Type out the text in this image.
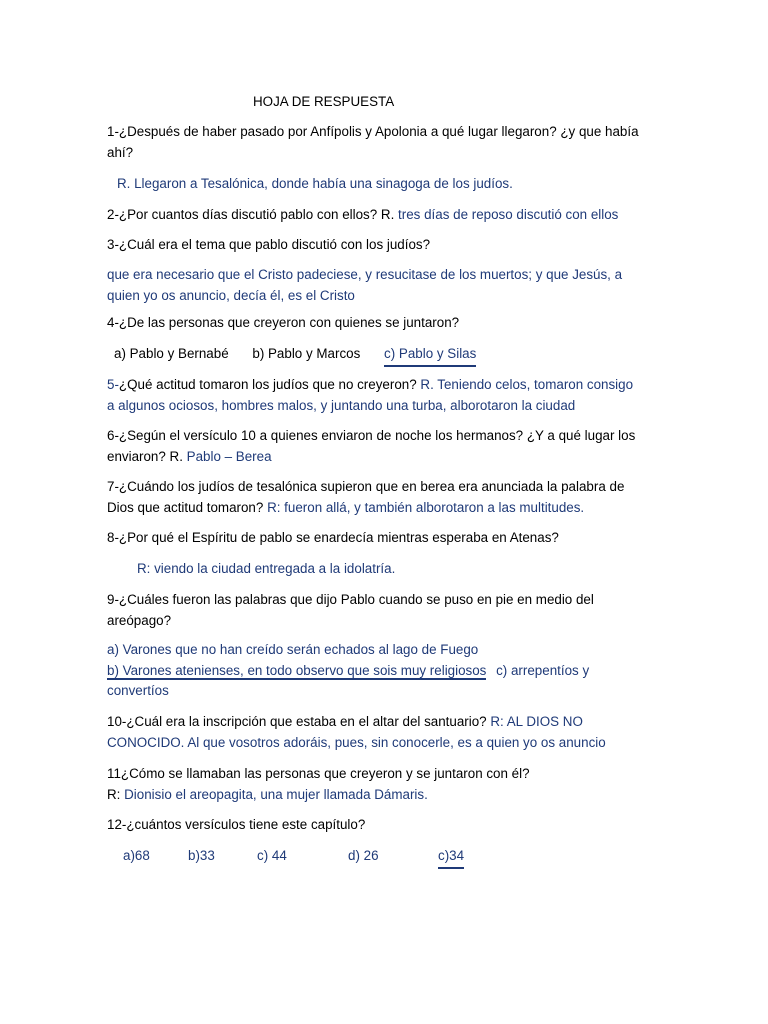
HOJA DE RESPUESTA
1-¿Después de haber pasado por Anfípolis y Apolonia a qué lugar llegaron? ¿y que había
ahí?
R. Llegaron a Tesalónica, donde había una sinagoga de los judíos.
2-¿Por cuantos días discutió pablo con ellos? R. tres días de reposo discutió con ellos
3-¿Cuál era el tema que pablo discutió con los judíos?
que era necesario que el Cristo padeciese, y resucitase de los muertos; y que Jesús, a
quien yo os anuncio, decía él, es el Cristo
4-¿De las personas que creyeron con quienes se juntaron?
a) Pablo y Bernabé b) Pablo y Marcos c) Pablo y Silas
5-¿Qué actitud tomaron los judíos que no creyeron? R. Teniendo celos, tomaron consigo
a algunos ociosos, hombres malos, y juntando una turba, alborotaron la ciudad
6-¿Según el versículo 10 a quienes enviaron de noche los hermanos? ¿Y a qué lugar los
enviaron? R. Pablo – Berea
7-¿Cuándo los judíos de tesalónica supieron que en berea era anunciada la palabra de
Dios que actitud tomaron? R: fueron allá, y también alborotaron a las multitudes.
8-¿Por qué el Espíritu de pablo se enardecía mientras esperaba en Atenas?
R: viendo la ciudad entregada a la idolatría.
9-¿Cuáles fueron las palabras que dijo Pablo cuando se puso en pie en medio del
areópago?
a) Varones que no han creído serán echados al lago de Fuego
b) Varones atenienses, en todo observo que sois muy religiosos c) arrepentíos y
convertíos
10-¿Cuál era la inscripción que estaba en el altar del santuario? R: AL DIOS NO
CONOCIDO. Al que vosotros adoráis, pues, sin conocerle, es a quien yo os anuncio
11¿Cómo se llamaban las personas que creyeron y se juntaron con él?
R: Dionisio el areopagita, una mujer llamada Dámaris.
12-¿cuántos versículos tiene este capítulo?
a)68	b)33	c) 44	d) 26	c)34
